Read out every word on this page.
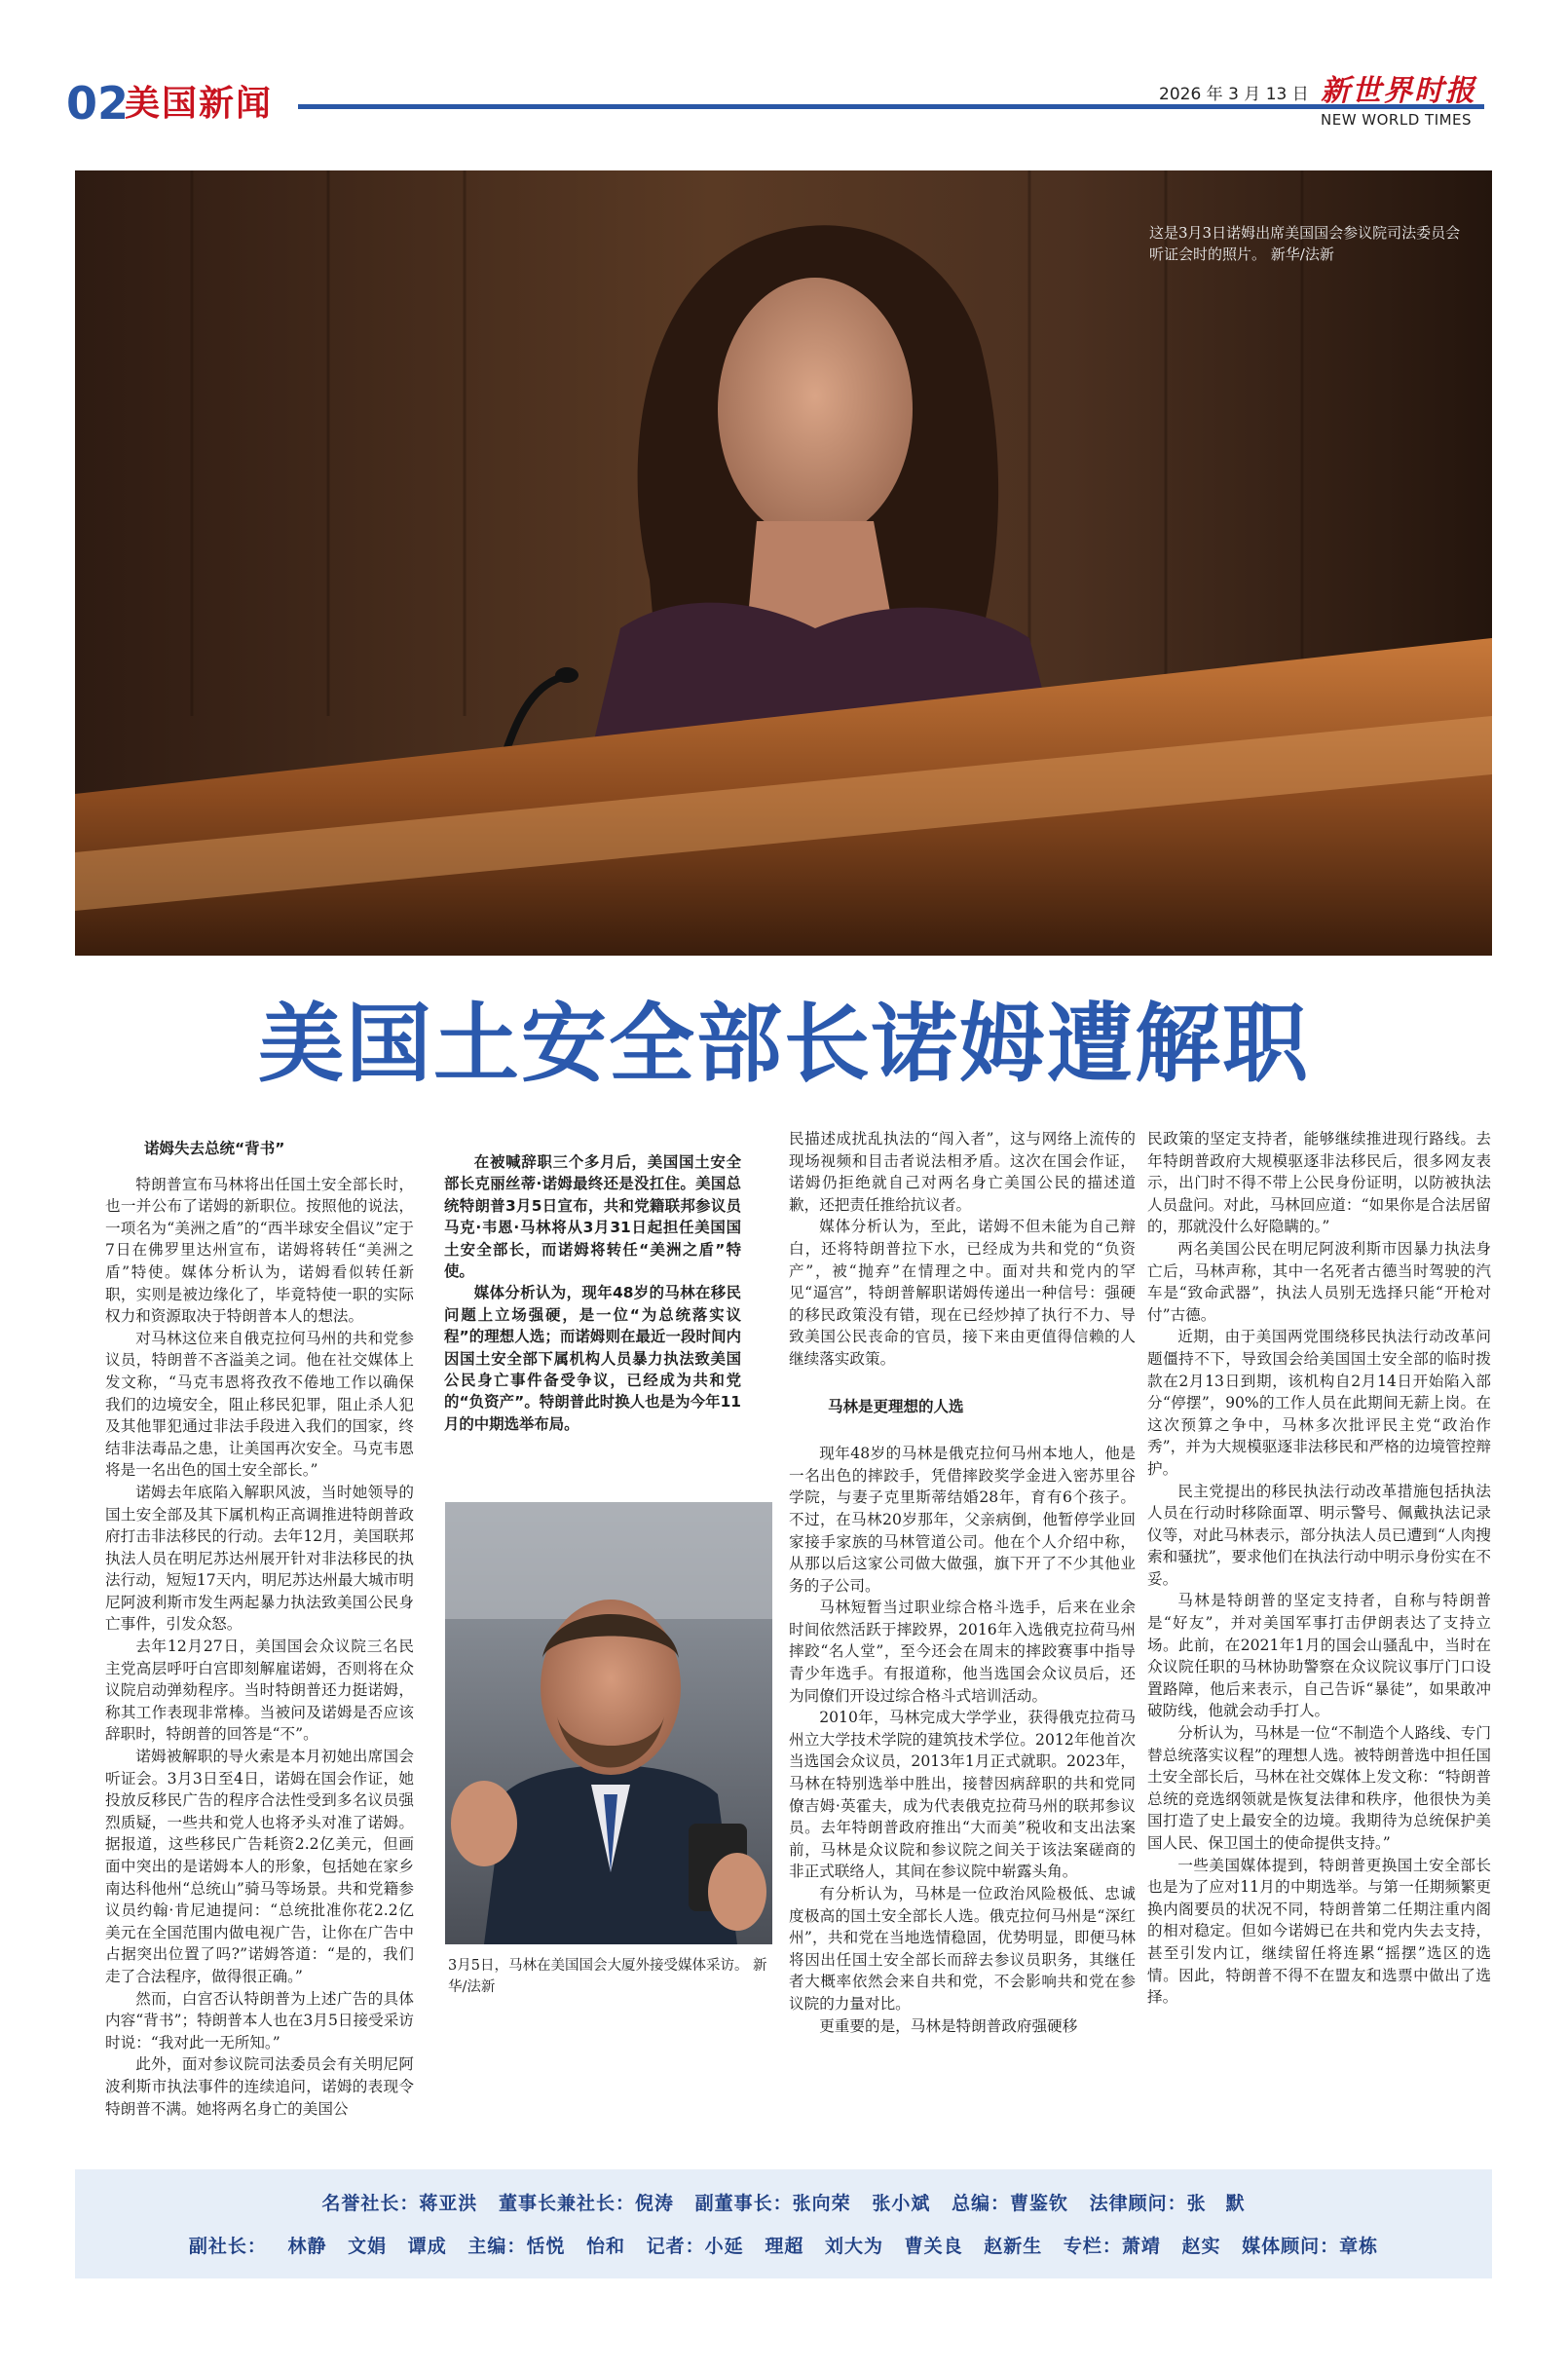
02
美国新闻	2026 年 3 月 13 日 新世界时报
NEW WORLD TIMES
这是3月3日诺姆出席美国国会参议院司法委员会听证会时的照片。 新华/法新
美国土安全部长诺姆遭解职

诺姆失去总统“背书”

特朗普宣布马林将出任国土安全部长时，也一并公布了诺姆的新职位。按照他的说法，一项名为“美洲之盾”的“西半球安全倡议”定于7日在佛罗里达州宣布，诺姆将转任“美洲之盾”特使。媒体分析认为，诺姆看似转任新职，实则是被边缘化了，毕竟特使一职的实际权力和资源取决于特朗普本人的想法。

对马林这位来自俄克拉何马州的共和党参议员，特朗普不吝溢美之词。他在社交媒体上发文称，“马克韦恩将孜孜不倦地工作以确保我们的边境安全，阻止移民犯罪，阻止杀人犯及其他罪犯通过非法手段进入我们的国家，终结非法毒品之患，让美国再次安全。马克韦恩将是一名出色的国土安全部长。”

诺姆去年底陷入解职风波，当时她领导的国土安全部及其下属机构正高调推进特朗普政府打击非法移民的行动。去年12月，美国联邦执法人员在明尼苏达州展开针对非法移民的执法行动，短短17天内，明尼苏达州最大城市明尼阿波利斯市发生两起暴力执法致美国公民身亡事件，引发众怒。

去年12月27日，美国国会众议院三名民主党高层呼吁白宫即刻解雇诺姆，否则将在众议院启动弹劾程序。当时特朗普还力挺诺姆，称其工作表现非常棒。当被问及诺姆是否应该辞职时，特朗普的回答是“不”。

诺姆被解职的导火索是本月初她出席国会听证会。3月3日至4日，诺姆在国会作证，她投放反移民广告的程序合法性受到多名议员强烈质疑，一些共和党人也将矛头对准了诺姆。据报道，这些移民广告耗资2.2亿美元，但画面中突出的是诺姆本人的形象，包括她在家乡南达科他州“总统山”骑马等场景。共和党籍参议员约翰·肯尼迪提问：“总统批准你花2.2亿美元在全国范围内做电视广告，让你在广告中占据突出位置了吗?”诺姆答道：“是的，我们走了合法程序，做得很正确。”

然而，白宫否认特朗普为上述广告的具体内容“背书”；特朗普本人也在3月5日接受采访时说：“我对此一无所知。”

此外，面对参议院司法委员会有关明尼阿波利斯市执法事件的连续追问，诺姆的表现令特朗普不满。她将两名身亡的美国公

在被喊辞职三个多月后，美国国土安全部长克丽丝蒂·诺姆最终还是没扛住。美国总统特朗普3月5日宣布，共和党籍联邦参议员马克·韦恩·马林将从3月31日起担任美国国土安全部长，而诺姆将转任“美洲之盾”特使。

媒体分析认为，现年48岁的马林在移民问题上立场强硬，是一位“为总统落实议程”的理想人选；而诺姆则在最近一段时间内因国土安全部下属机构人员暴力执法致美国公民身亡事件备受争议，已经成为共和党的“负资产”。特朗普此时换人也是为今年11月的中期选举布局。

3月5日，马林在美国国会大厦外接受媒体采访。 新华/法新

民描述成扰乱执法的“闯入者”，这与网络上流传的现场视频和目击者说法相矛盾。这次在国会作证，诺姆仍拒绝就自己对两名身亡美国公民的描述道歉，还把责任推给抗议者。

媒体分析认为，至此，诺姆不但未能为自己辩白，还将特朗普拉下水，已经成为共和党的“负资产”，被“抛弃”在情理之中。面对共和党内的罕见“逼宫”，特朗普解职诺姆传递出一种信号：强硬的移民政策没有错，现在已经炒掉了执行不力、导致美国公民丧命的官员，接下来由更值得信赖的人继续落实政策。

马林是更理想的人选

现年48岁的马林是俄克拉何马州本地人，他是一名出色的摔跤手，凭借摔跤奖学金进入密苏里谷学院，与妻子克里斯蒂结婚28年，育有6个孩子。不过，在马林20岁那年，父亲病倒，他暂停学业回家接手家族的马林管道公司。他在个人介绍中称，从那以后这家公司做大做强，旗下开了不少其他业务的子公司。

马林短暂当过职业综合格斗选手，后来在业余时间依然活跃于摔跤界，2016年入选俄克拉荷马州摔跤“名人堂”，至今还会在周末的摔跤赛事中指导青少年选手。有报道称，他当选国会众议员后，还为同僚们开设过综合格斗式培训活动。

2010年，马林完成大学学业，获得俄克拉荷马州立大学技术学院的建筑技术学位。2012年他首次当选国会众议员，2013年1月正式就职。2023年，马林在特别选举中胜出，接替因病辞职的共和党同僚吉姆·英霍夫，成为代表俄克拉荷马州的联邦参议员。去年特朗普政府推出“大而美”税收和支出法案前，马林是众议院和参议院之间关于该法案磋商的非正式联络人，其间在参议院中崭露头角。

有分析认为，马林是一位政治风险极低、忠诚度极高的国土安全部长人选。俄克拉何马州是“深红州”，共和党在当地选情稳固，优势明显，即便马林将因出任国土安全部长而辞去参议员职务，其继任者大概率依然会来自共和党，不会影响共和党在参议院的力量对比。

更重要的是，马林是特朗普政府强硬移

民政策的坚定支持者，能够继续推进现行路线。去年特朗普政府大规模驱逐非法移民后，很多网友表示，出门时不得不带上公民身份证明，以防被执法人员盘问。对此，马林回应道：“如果你是合法居留的，那就没什么好隐瞒的。”

两名美国公民在明尼阿波利斯市因暴力执法身亡后，马林声称，其中一名死者古德当时驾驶的汽车是“致命武器”，执法人员别无选择只能“开枪对付”古德。

近期，由于美国两党围绕移民执法行动改革问题僵持不下，导致国会给美国国土安全部的临时拨款在2月13日到期，该机构自2月14日开始陷入部分“停摆”，90%的工作人员在此期间无薪上岗。在这次预算之争中，马林多次批评民主党“政治作秀”，并为大规模驱逐非法移民和严格的边境管控辩护。

民主党提出的移民执法行动改革措施包括执法人员在行动时移除面罩、明示警号、佩戴执法记录仪等，对此马林表示，部分执法人员已遭到“人肉搜索和骚扰”，要求他们在执法行动中明示身份实在不妥。

马林是特朗普的坚定支持者，自称与特朗普是“好友”，并对美国军事打击伊朗表达了支持立场。此前，在2021年1月的国会山骚乱中，当时在众议院任职的马林协助警察在众议院议事厅门口设置路障，他后来表示，自己告诉“暴徒”，如果敢冲破防线，他就会动手打人。

分析认为，马林是一位“不制造个人路线、专门替总统落实议程”的理想人选。被特朗普选中担任国土安全部长后，马林在社交媒体上发文称：“特朗普总统的竞选纲领就是恢复法律和秩序，他很快为美国打造了史上最安全的边境。我期待为总统保护美国人民、保卫国土的使命提供支持。”

一些美国媒体提到，特朗普更换国土安全部长也是为了应对11月的中期选举。与第一任期频繁更换内阁要员的状况不同，特朗普第二任期注重内阁的相对稳定。但如今诺姆已在共和党内失去支持，甚至引发内讧，继续留任将连累“摇摆”选区的选情。因此，特朗普不得不在盟友和选票中做出了选择。

名誉社长：蒋亚洪 董事长兼社长：倪涛 副董事长：张向荣 张小斌 总编：曹鉴钦 法律顾问：张　默
副社长： 林静 文娟 谭成 主编：恬悦 怡和 记者：小延 理超 刘大为 曹关良 赵新生 专栏：萧靖 赵实 媒体顾问：章栋
